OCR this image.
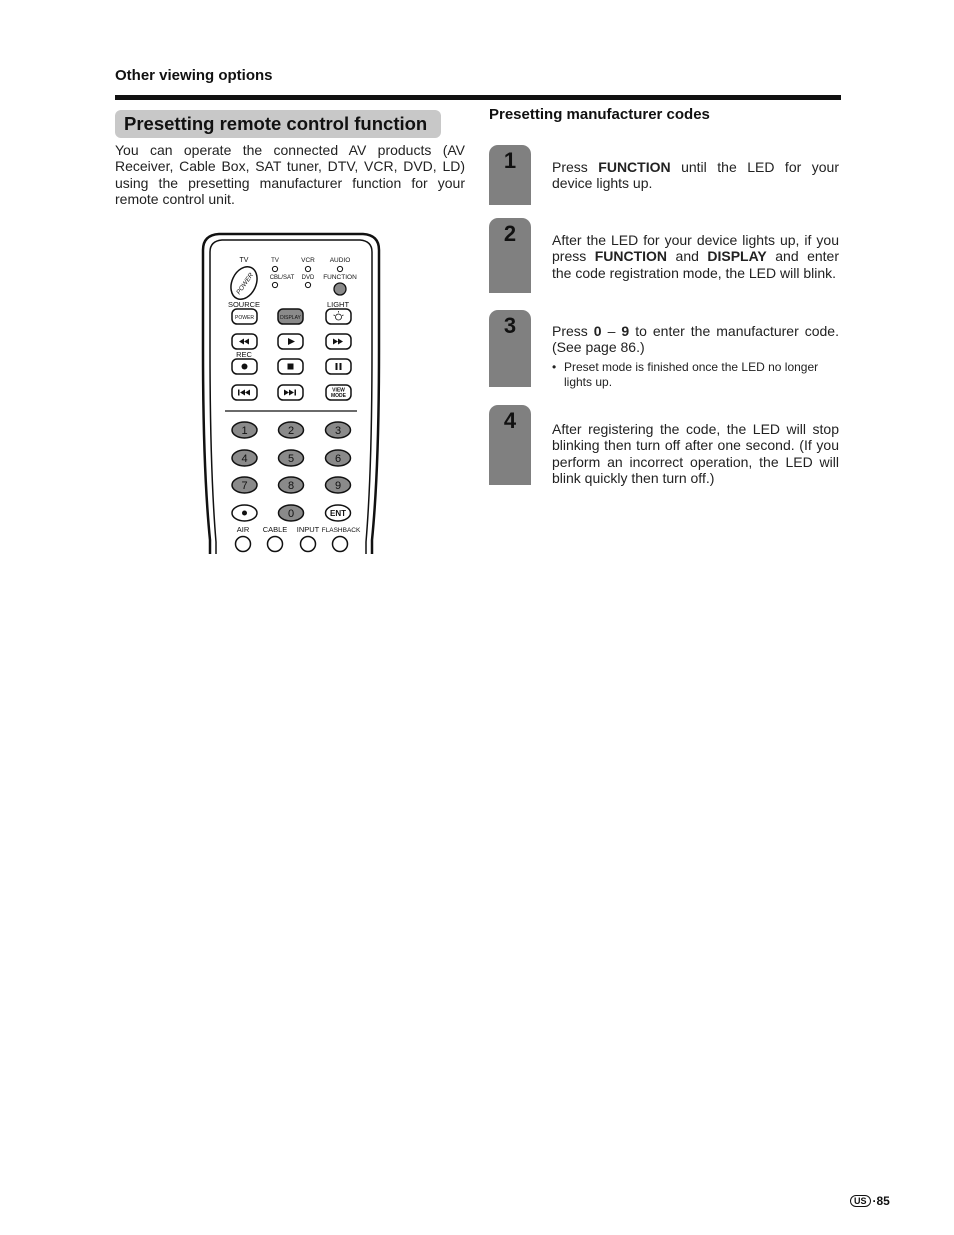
Other viewing options
Presetting remote control function
You can operate the connected AV products (AV Receiver, Cable Box, SAT tuner, DTV, VCR, DVD, LD) using the presetting manufacturer function for your remote control unit.
TV
POWER
TV	VCR AUDIO
CBL/SAT DVD FUNCTION
SOURCE	LIGHT
POWER	DISPLAY
REC
VIEW
MODE
1	2	3
4	5	6
7	8	9
0	ENT
AIR CABLE INPUT FLASHBACK
Presetting manufacturer codes
1	Press FUNCTION until the LED for your device lights up.
2	After the LED for your device lights up, if you press FUNCTION and DISPLAY and enter the code registration mode, the LED will blink.
3	Press 0 – 9 to enter the manufacturer code. (See page 86.)
• Preset mode is finished once the LED no longer lights up.
4	After registering the code, the LED will stop blinking then turn off after one second. (If you perform an incorrect operation, the LED will blink quickly then turn off.)
US ·85
